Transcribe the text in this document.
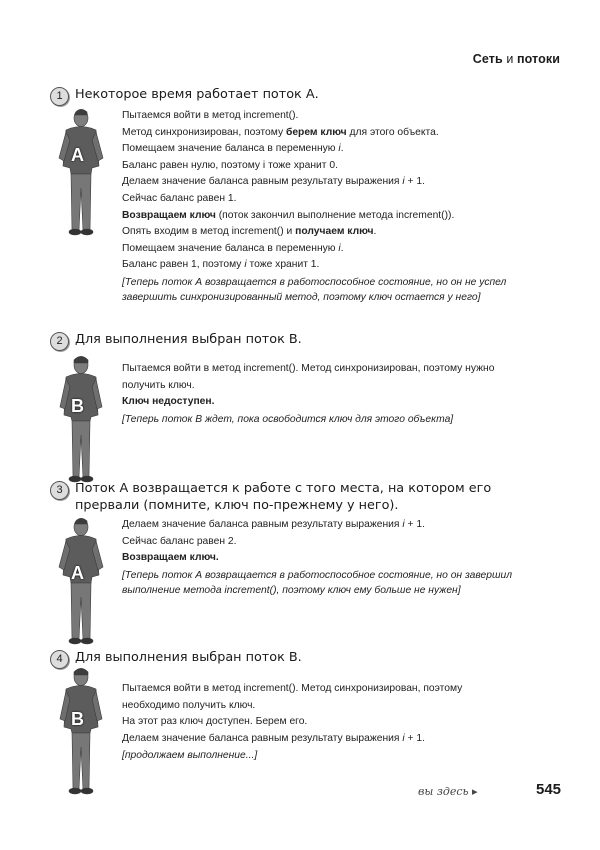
Сеть и потоки
1 Некоторое время работает поток А.
A
Пытаемся войти в метод increment().
Метод синхронизирован, поэтому берем ключ для этого объекта.
Помещаем значение баланса в переменную i.
Баланс равен нулю, поэтому i тоже хранит 0.
Делаем значение баланса равным результату выражения i + 1.
Сейчас баланс равен 1.
Возвращаем ключ (поток закончил выполнение метода increment()).
Опять входим в метод increment() и получаем ключ.
Помещаем значение баланса в переменную i.
Баланс равен 1, поэтому i тоже хранит 1.
[Теперь поток А возвращается в работоспособное состояние, но он не успел завершить синхронизированный метод, поэтому ключ остается у него]
2 Для выполнения выбран поток В.
B
Пытаемся войти в метод increment(). Метод синхронизирован, поэтому нужно получить ключ.
Ключ недоступен.
[Теперь поток В ждет, пока освободится ключ для этого объекта]
3 Поток А возвращается к работе с того места, на котором его прервали (помните, ключ по-прежнему у него).
A
Делаем значение баланса равным результату выражения i + 1.
Сейчас баланс равен 2.
Возвращаем ключ.
[Теперь поток А возвращается в работоспособное состояние, но он завершил выполнение метода increment(), поэтому ключ ему больше не нужен]
4 Для выполнения выбран поток В.
B
Пытаемся войти в метод increment(). Метод синхронизирован, поэтому необходимо получить ключ.
На этот раз ключ доступен. Берем его.
Делаем значение баланса равным результату выражения i + 1.
[продолжаем выполнение...]
вы здесь ▸	545
